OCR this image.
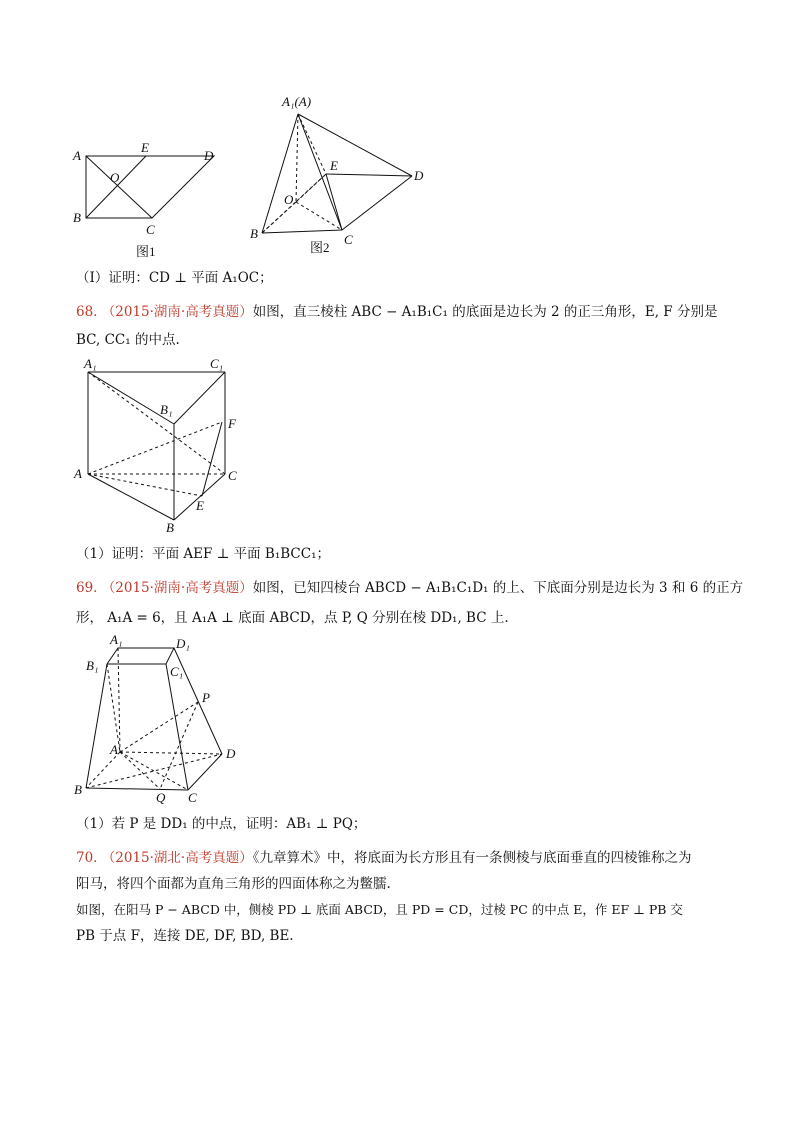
A
E
D
O
B
C
图1
A₁(A)
E
D
O
B	C
图2
（Ⅰ）证明：CD ⊥ 平面 A₁OC；
68. （2015·湖南·高考真题）如图，直三棱柱 ABC − A₁B₁C₁ 的底面是边长为 2 的正三角形，E, F 分别是
BC, CC₁ 的中点.
A₁	C₁
B₁
F
A	C
E
B
（1）证明：平面 AEF ⊥ 平面 B₁BCC₁；
69. （2015·湖南·高考真题）如图，已知四棱台 ABCD − A₁B₁C₁D₁ 的上、下底面分别是边长为 3 和 6 的正方
形， A₁A = 6，且 A₁A ⊥ 底面 ABCD，点 P, Q 分别在棱 DD₁, BC 上.
A₁	D₁
B₁	C₁
P
A	D
B
Q C
（1）若 P 是 DD₁ 的中点，证明：AB₁ ⊥ PQ；
70. （2015·湖北·高考真题）《九章算术》中，将底面为长方形且有一条侧棱与底面垂直的四棱锥称之为
阳马，将四个面都为直角三角形的四面体称之为鳖臑.
如图，在阳马 P − ABCD 中，侧棱 PD ⊥ 底面 ABCD，且 PD = CD，过棱 PC 的中点 E，作 EF ⊥ PB 交
PB 于点 F，连接 DE, DF, BD, BE.
